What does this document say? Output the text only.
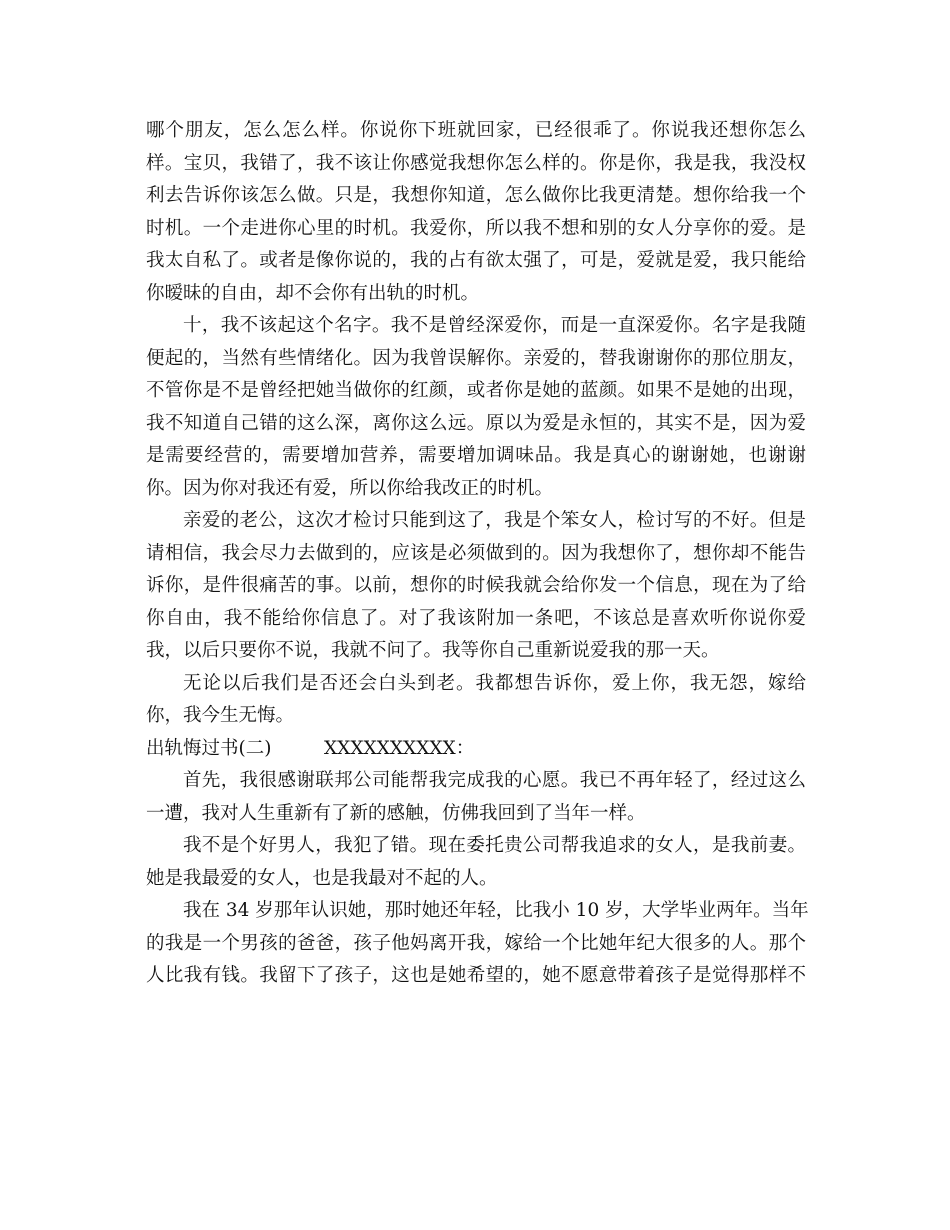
哪个朋友，怎么怎么样。你说你下班就回家，已经很乖了。你说我还想你怎么
样。宝贝，我错了，我不该让你感觉我想你怎么样的。你是你，我是我，我没权
利去告诉你该怎么做。只是，我想你知道，怎么做你比我更清楚。想你给我一个
时机。一个走进你心里的时机。我爱你，所以我不想和别的女人分享你的爱。是
我太自私了。或者是像你说的，我的占有欲太强了，可是，爱就是爱，我只能给
你暧昧的自由，却不会你有出轨的时机。
十，我不该起这个名字。我不是曾经深爱你，而是一直深爱你。名字是我随
便起的，当然有些情绪化。因为我曾误解你。亲爱的，替我谢谢你的那位朋友，
不管你是不是曾经把她当做你的红颜，或者你是她的蓝颜。如果不是她的出现，
我不知道自己错的这么深，离你这么远。原以为爱是永恒的，其实不是，因为爱
是需要经营的，需要增加营养，需要增加调味品。我是真心的谢谢她，也谢谢
你。因为你对我还有爱，所以你给我改正的时机。
亲爱的老公，这次才检讨只能到这了，我是个笨女人，检讨写的不好。但是
请相信，我会尽力去做到的，应该是必须做到的。因为我想你了，想你却不能告
诉你，是件很痛苦的事。以前，想你的时候我就会给你发一个信息，现在为了给
你自由，我不能给你信息了。对了我该附加一条吧，不该总是喜欢听你说你爱
我，以后只要你不说，我就不问了。我等你自己重新说爱我的那一天。
无论以后我们是否还会白头到老。我都想告诉你，爱上你，我无怨，嫁给
你，我今生无悔。
出轨悔过书(二)	XXXXXXXXXX：
首先，我很感谢联邦公司能帮我完成我的心愿。我已不再年轻了，经过这么
一遭，我对人生重新有了新的感触，仿佛我回到了当年一样。
我不是个好男人，我犯了错。现在委托贵公司帮我追求的女人，是我前妻。
她是我最爱的女人，也是我最对不起的人。
我在 34 岁那年认识她，那时她还年轻，比我小 10 岁，大学毕业两年。当年
的我是一个男孩的爸爸，孩子他妈离开我，嫁给一个比她年纪大很多的人。那个
人比我有钱。我留下了孩子，这也是她希望的，她不愿意带着孩子是觉得那样不
